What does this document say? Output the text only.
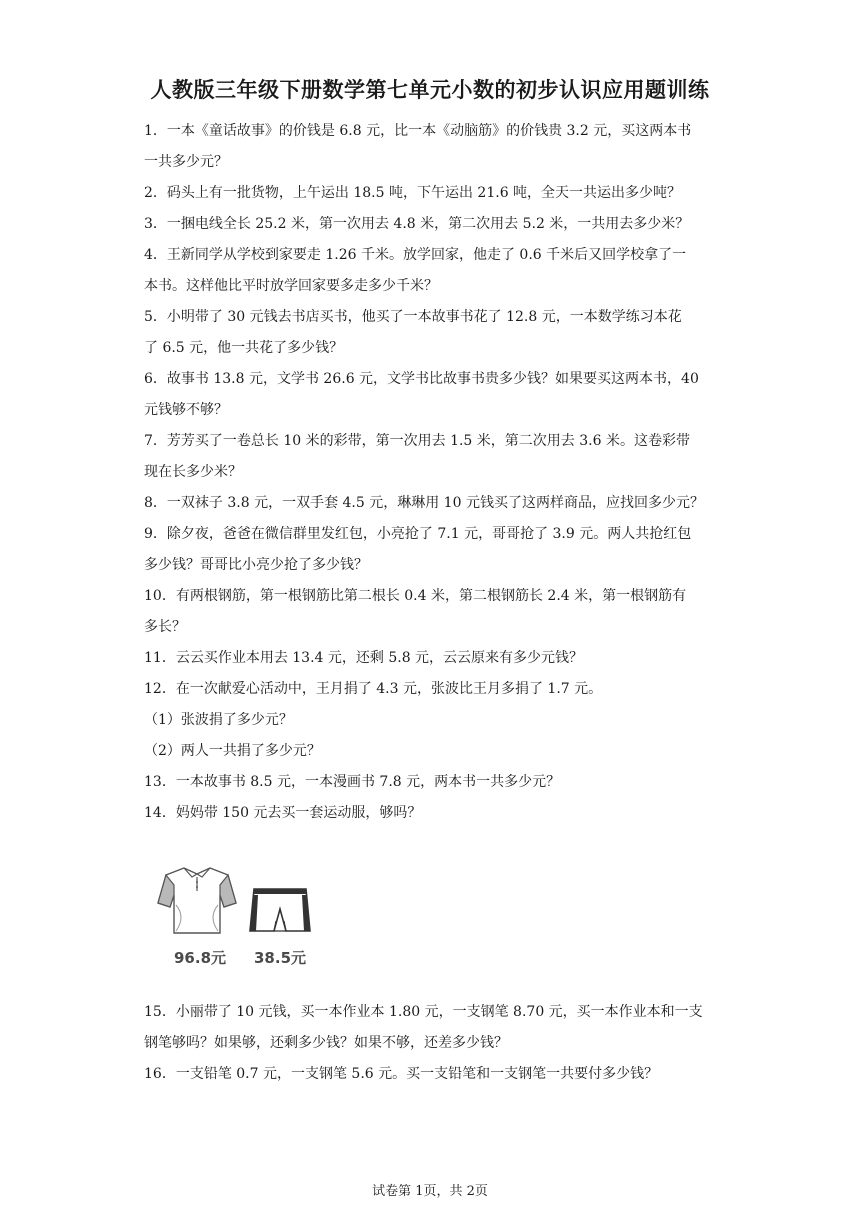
人教版三年级下册数学第七单元小数的初步认识应用题训练
1．一本《童话故事》的价钱是 6.8 元，比一本《动脑筋》的价钱贵 3.2 元，买这两本书
一共多少元？
2．码头上有一批货物，上午运出 18.5 吨，下午运出 21.6 吨，全天一共运出多少吨？
3．一捆电线全长 25.2 米，第一次用去 4.8 米，第二次用去 5.2 米，一共用去多少米？
4．王新同学从学校到家要走 1.26 千米。放学回家，他走了 0.6 千米后又回学校拿了一
本书。这样他比平时放学回家要多走多少千米？
5．小明带了 30 元钱去书店买书，他买了一本故事书花了 12.8 元，一本数学练习本花
了 6.5 元，他一共花了多少钱？
6．故事书 13.8 元，文学书 26.6 元，文学书比故事书贵多少钱？如果要买这两本书，40
元钱够不够？
7．芳芳买了一卷总长 10 米的彩带，第一次用去 1.5 米，第二次用去 3.6 米。这卷彩带
现在长多少米？
8．一双袜子 3.8 元，一双手套 4.5 元，琳琳用 10 元钱买了这两样商品，应找回多少元？
9．除夕夜，爸爸在微信群里发红包，小亮抢了 7.1 元，哥哥抢了 3.9 元。两人共抢红包
多少钱？哥哥比小亮少抢了多少钱？
10．有两根钢筋，第一根钢筋比第二根长 0.4 米，第二根钢筋长 2.4 米，第一根钢筋有
多长？
11．云云买作业本用去 13.4 元，还剩 5.8 元，云云原来有多少元钱？
12．在一次献爱心活动中，王月捐了 4.3 元，张波比王月多捐了 1.7 元。
（1）张波捐了多少元？
（2）两人一共捐了多少元？
13．一本故事书 8.5 元，一本漫画书 7.8 元，两本书一共多少元？
14．妈妈带 150 元去买一套运动服，够吗？
96.8元 38.5元
15．小丽带了 10 元钱，买一本作业本 1.80 元，一支钢笔 8.70 元，买一本作业本和一支
钢笔够吗？如果够，还剩多少钱？如果不够，还差多少钱？
16．一支铅笔 0.7 元，一支钢笔 5.6 元。买一支铅笔和一支钢笔一共要付多少钱？
试卷第 1页，共 2页
